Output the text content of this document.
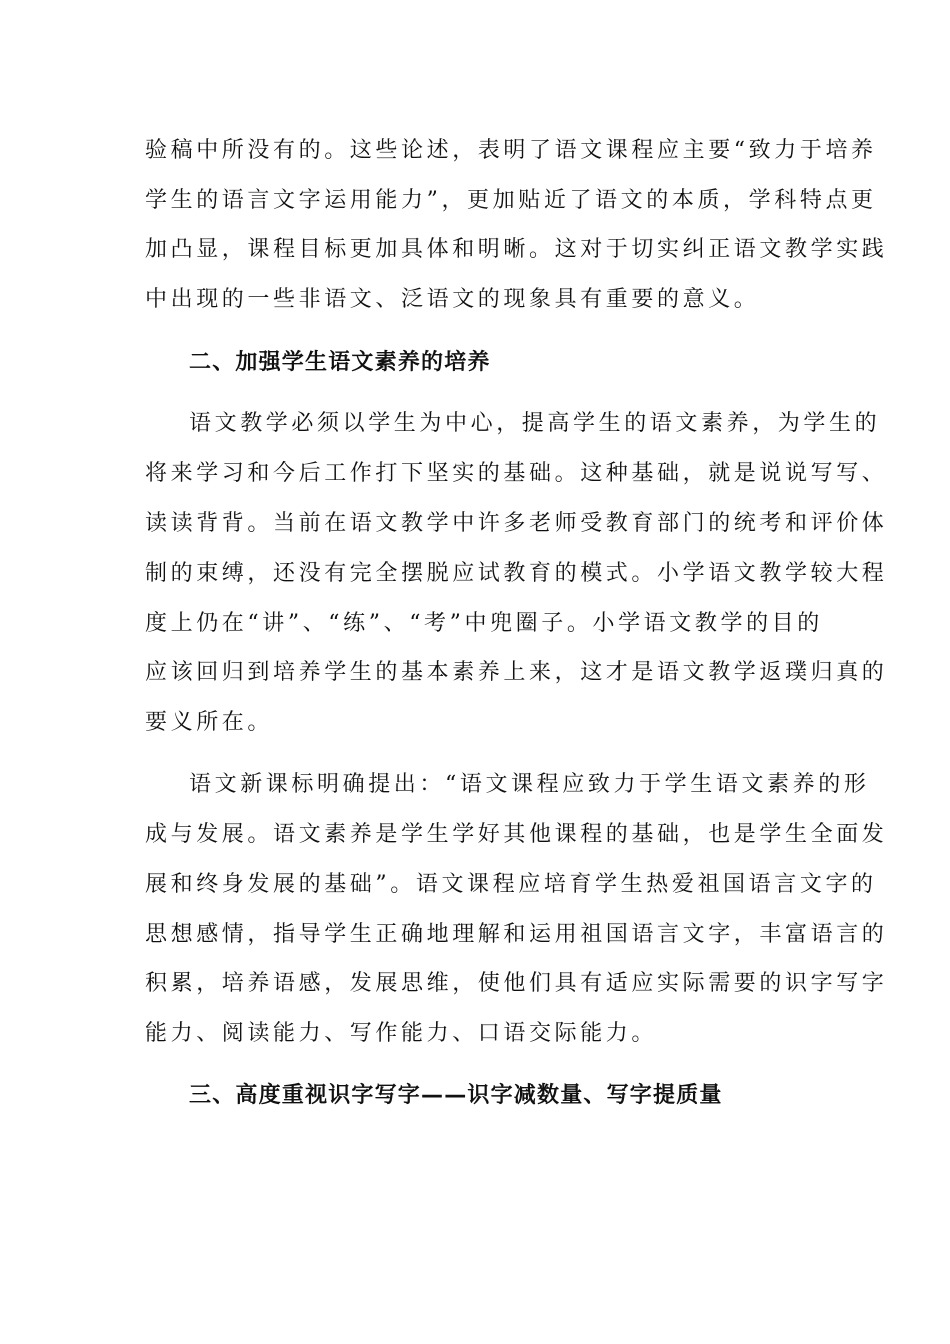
验稿中所没有的。这些论述，表明了语文课程应主要“致力于培养
学生的语言文字运用能力”，更加贴近了语文的本质，学科特点更
加凸显，课程目标更加具体和明晰。这对于切实纠正语文教学实践
中出现的一些非语文、泛语文的现象具有重要的意义。
二、加强学生语文素养的培养
语文教学必须以学生为中心，提高学生的语文素养，为学生的
将来学习和今后工作打下坚实的基础。这种基础，就是说说写写、
读读背背。当前在语文教学中许多老师受教育部门的统考和评价体
制的束缚，还没有完全摆脱应试教育的模式。小学语文教学较大程
度上仍在“讲”、“练”、“考”中兜圈子。小学语文教学的目的
应该回归到培养学生的基本素养上来，这才是语文教学返璞归真的
要义所在。
语文新课标明确提出：“语文课程应致力于学生语文素养的形
成与发展。语文素养是学生学好其他课程的基础，也是学生全面发
展和终身发展的基础”。语文课程应培育学生热爱祖国语言文字的
思想感情，指导学生正确地理解和运用祖国语言文字，丰富语言的
积累，培养语感，发展思维，使他们具有适应实际需要的识字写字
能力、阅读能力、写作能力、口语交际能力。
三、高度重视识字写字——识字减数量、写字提质量
